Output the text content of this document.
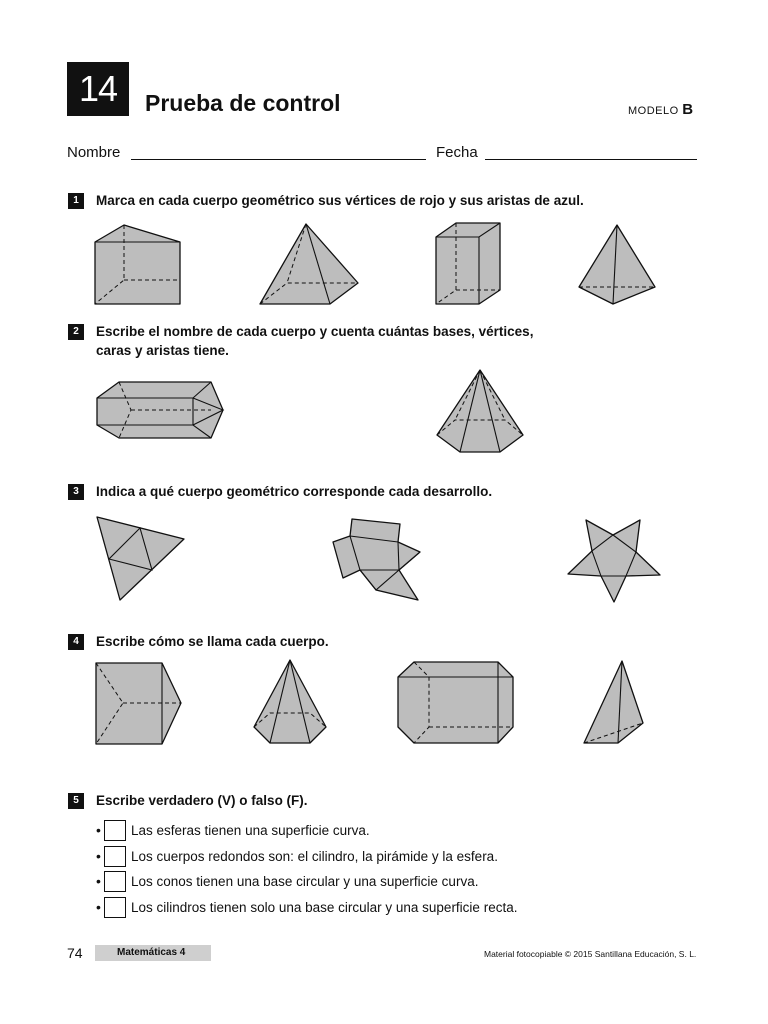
14	Prueba de control	MODELO B
Nombre	Fecha
1	Marca en cada cuerpo geométrico sus vértices de rojo y sus aristas de azul.
2	Escribe el nombre de cada cuerpo y cuenta cuántas bases, vértices,
caras y aristas tiene.
3	Indica a qué cuerpo geométrico corresponde cada desarrollo.
4	Escribe cómo se llama cada cuerpo.
5	Escribe verdadero (V) o falso (F).
• Las esferas tienen una superficie curva.
• Los cuerpos redondos son: el cilindro, la pirámide y la esfera.
• Los conos tienen una base circular y una superficie curva.
• Los cilindros tienen solo una base circular y una superficie recta.
74	Matemáticas 4	Material fotocopiable © 2015 Santillana Educación, S. L.
